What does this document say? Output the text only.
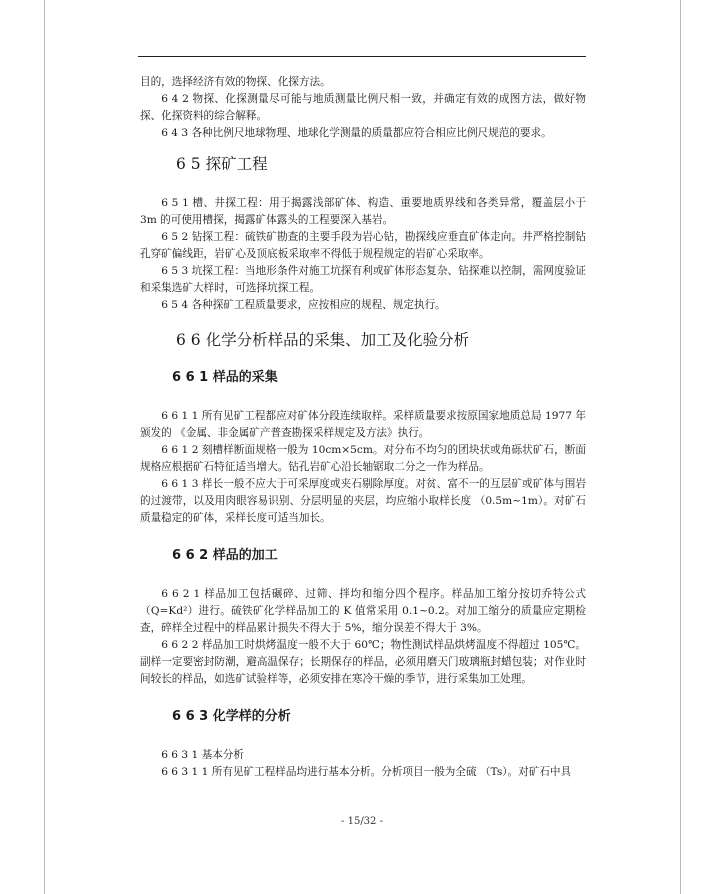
目的，选择经济有效的物探、化探方法。

6 4 2 物探、化探测量尽可能与地质测量比例尺相一致，并确定有效的成图方法，做好物探、化探资料的综合解释。

6 4 3 各种比例尺地球物理、地球化学测量的质量都应符合相应比例尺规范的要求。

6 5 探矿工程

6 5 1 槽、井探工程：用于揭露浅部矿体、构造、重要地质界线和各类异常，覆盖层小于 3m 的可使用槽探，揭露矿体露头的工程要深入基岩。

6 5 2 钻探工程：硫铁矿勘查的主要手段为岩心钻，勘探线应垂直矿体走向。井严格控制钻孔穿矿偏线距，岩矿心及顶底板采取率不得低于规程规定的岩矿心采取率。

6 5 3 坑探工程：当地形条件对施工坑探有利或矿体形态复杂、钻探难以控制，需网度验证和采集选矿大样时，可选择坑探工程。

6 5 4 各种探矿工程质量要求，应按相应的规程、规定执行。

6 6 化学分析样品的采集、加工及化验分析
6 6 1 样品的采集

6 6 1 1 所有见矿工程都应对矿体分段连续取样。采样质量要求按原国家地质总局 1977 年颁发的 《金属、非金属矿产普查勘探采样规定及方法》执行。

6 6 1 2 刻槽样断面规格一般为 10cm×5cm。对分布不均匀的团块状或角砾状矿石，断面规格应根据矿石特征适当增大。钻孔岩矿心沿长轴锯取二分之一作为样品。

6 6 1 3 样长一般不应大于可采厚度或夹石剔除厚度。对贫、富不一的互层矿或矿体与围岩的过渡带，以及用肉眼容易识别、分层明显的夹层，均应缩小取样长度 （0.5m~1m）。对矿石质量稳定的矿体，采样长度可适当加长。

6 6 2 样品的加工

6 6 2 1 样品加工包括碾碎、过筛、拌均和缩分四个程序。样品加工缩分按切乔特公式（Q=Kd²）进行。硫铁矿化学样品加工的 K 值常采用 0.1~0.2。对加工缩分的质量应定期检查，碎样全过程中的样品累计损失不得大于 5%，缩分误差不得大于 3%。

6 6 2 2 样品加工时烘烤温度一般不大于 60℃；物性测试样品烘烤温度不得超过 105℃。副样一定要密封防潮，避高温保存；长期保存的样品，必须用磨天门玻璃瓶封蜡包装；对作业时间较长的样品，如选矿试验样等，必须安排在寒冷干燥的季节，进行采集加工处理。

6 6 3 化学样的分析

6 6 3 1 基本分析

6 6 3 1 1 所有见矿工程样品均进行基本分析。分析项目一般为全硫 （Ts）。对矿石中具

- 15/32 -
